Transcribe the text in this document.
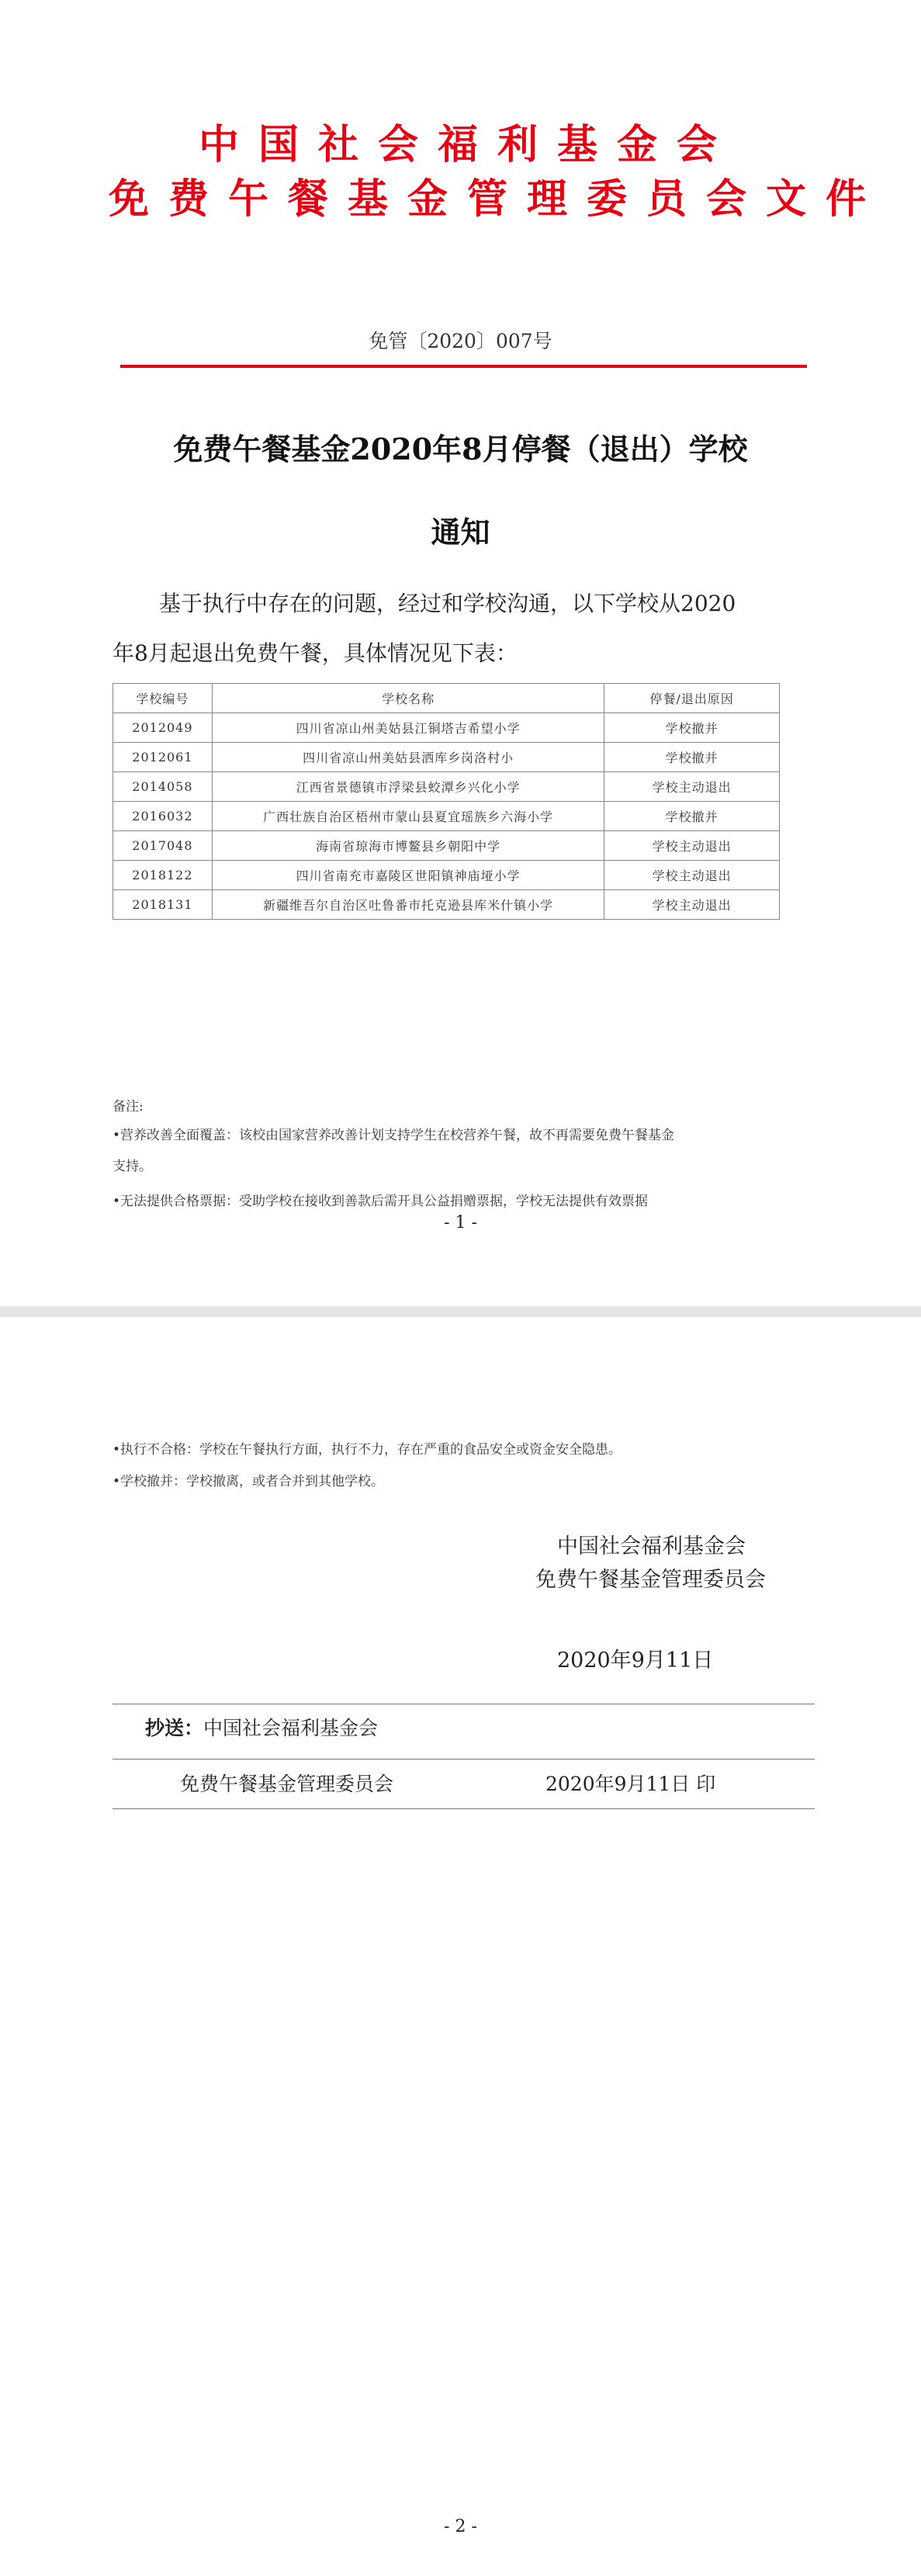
中国社会福利基金会
免费午餐基金管理委员会文件
免管〔2020〕007号
免费午餐基金2020年8月停餐（退出）学校
通知
基于执行中存在的问题，经过和学校沟通，以下学校从2020
年8月起退出免费午餐，具体情况见下表：
学校编号	学校名称	停餐/退出原因
2012049	四川省凉山州美姑县江铜塔吉希望小学	学校撤并
2012061	四川省凉山州美姑县洒库乡岗洛村小	学校撤并
2014058	江西省景德镇市浮梁县蛟潭乡兴化小学	学校主动退出
2016032	广西壮族自治区梧州市蒙山县夏宜瑶族乡六海小学	学校撤并
2017048	海南省琼海市博鳌县乡朝阳中学	学校主动退出
2018122	四川省南充市嘉陵区世阳镇神庙垭小学	学校主动退出
2018131	新疆维吾尔自治区吐鲁番市托克逊县库米什镇小学	学校主动退出
备注:
•营养改善全面覆盖：该校由国家营养改善计划支持学生在校营养午餐，故不再需要免费午餐基金
支持。
•无法提供合格票据：受助学校在接收到善款后需开具公益捐赠票据，学校无法提供有效票据
- 1 -
•执行不合格：学校在午餐执行方面，执行不力，存在严重的食品安全或资金安全隐患。
•学校撤并：学校撤离，或者合并到其他学校。
中国社会福利基金会
免费午餐基金管理委员会
2020年9月11日
抄送： 中国社会福利基金会
免费午餐基金管理委员会	2020年9月11日 印
- 2 -
